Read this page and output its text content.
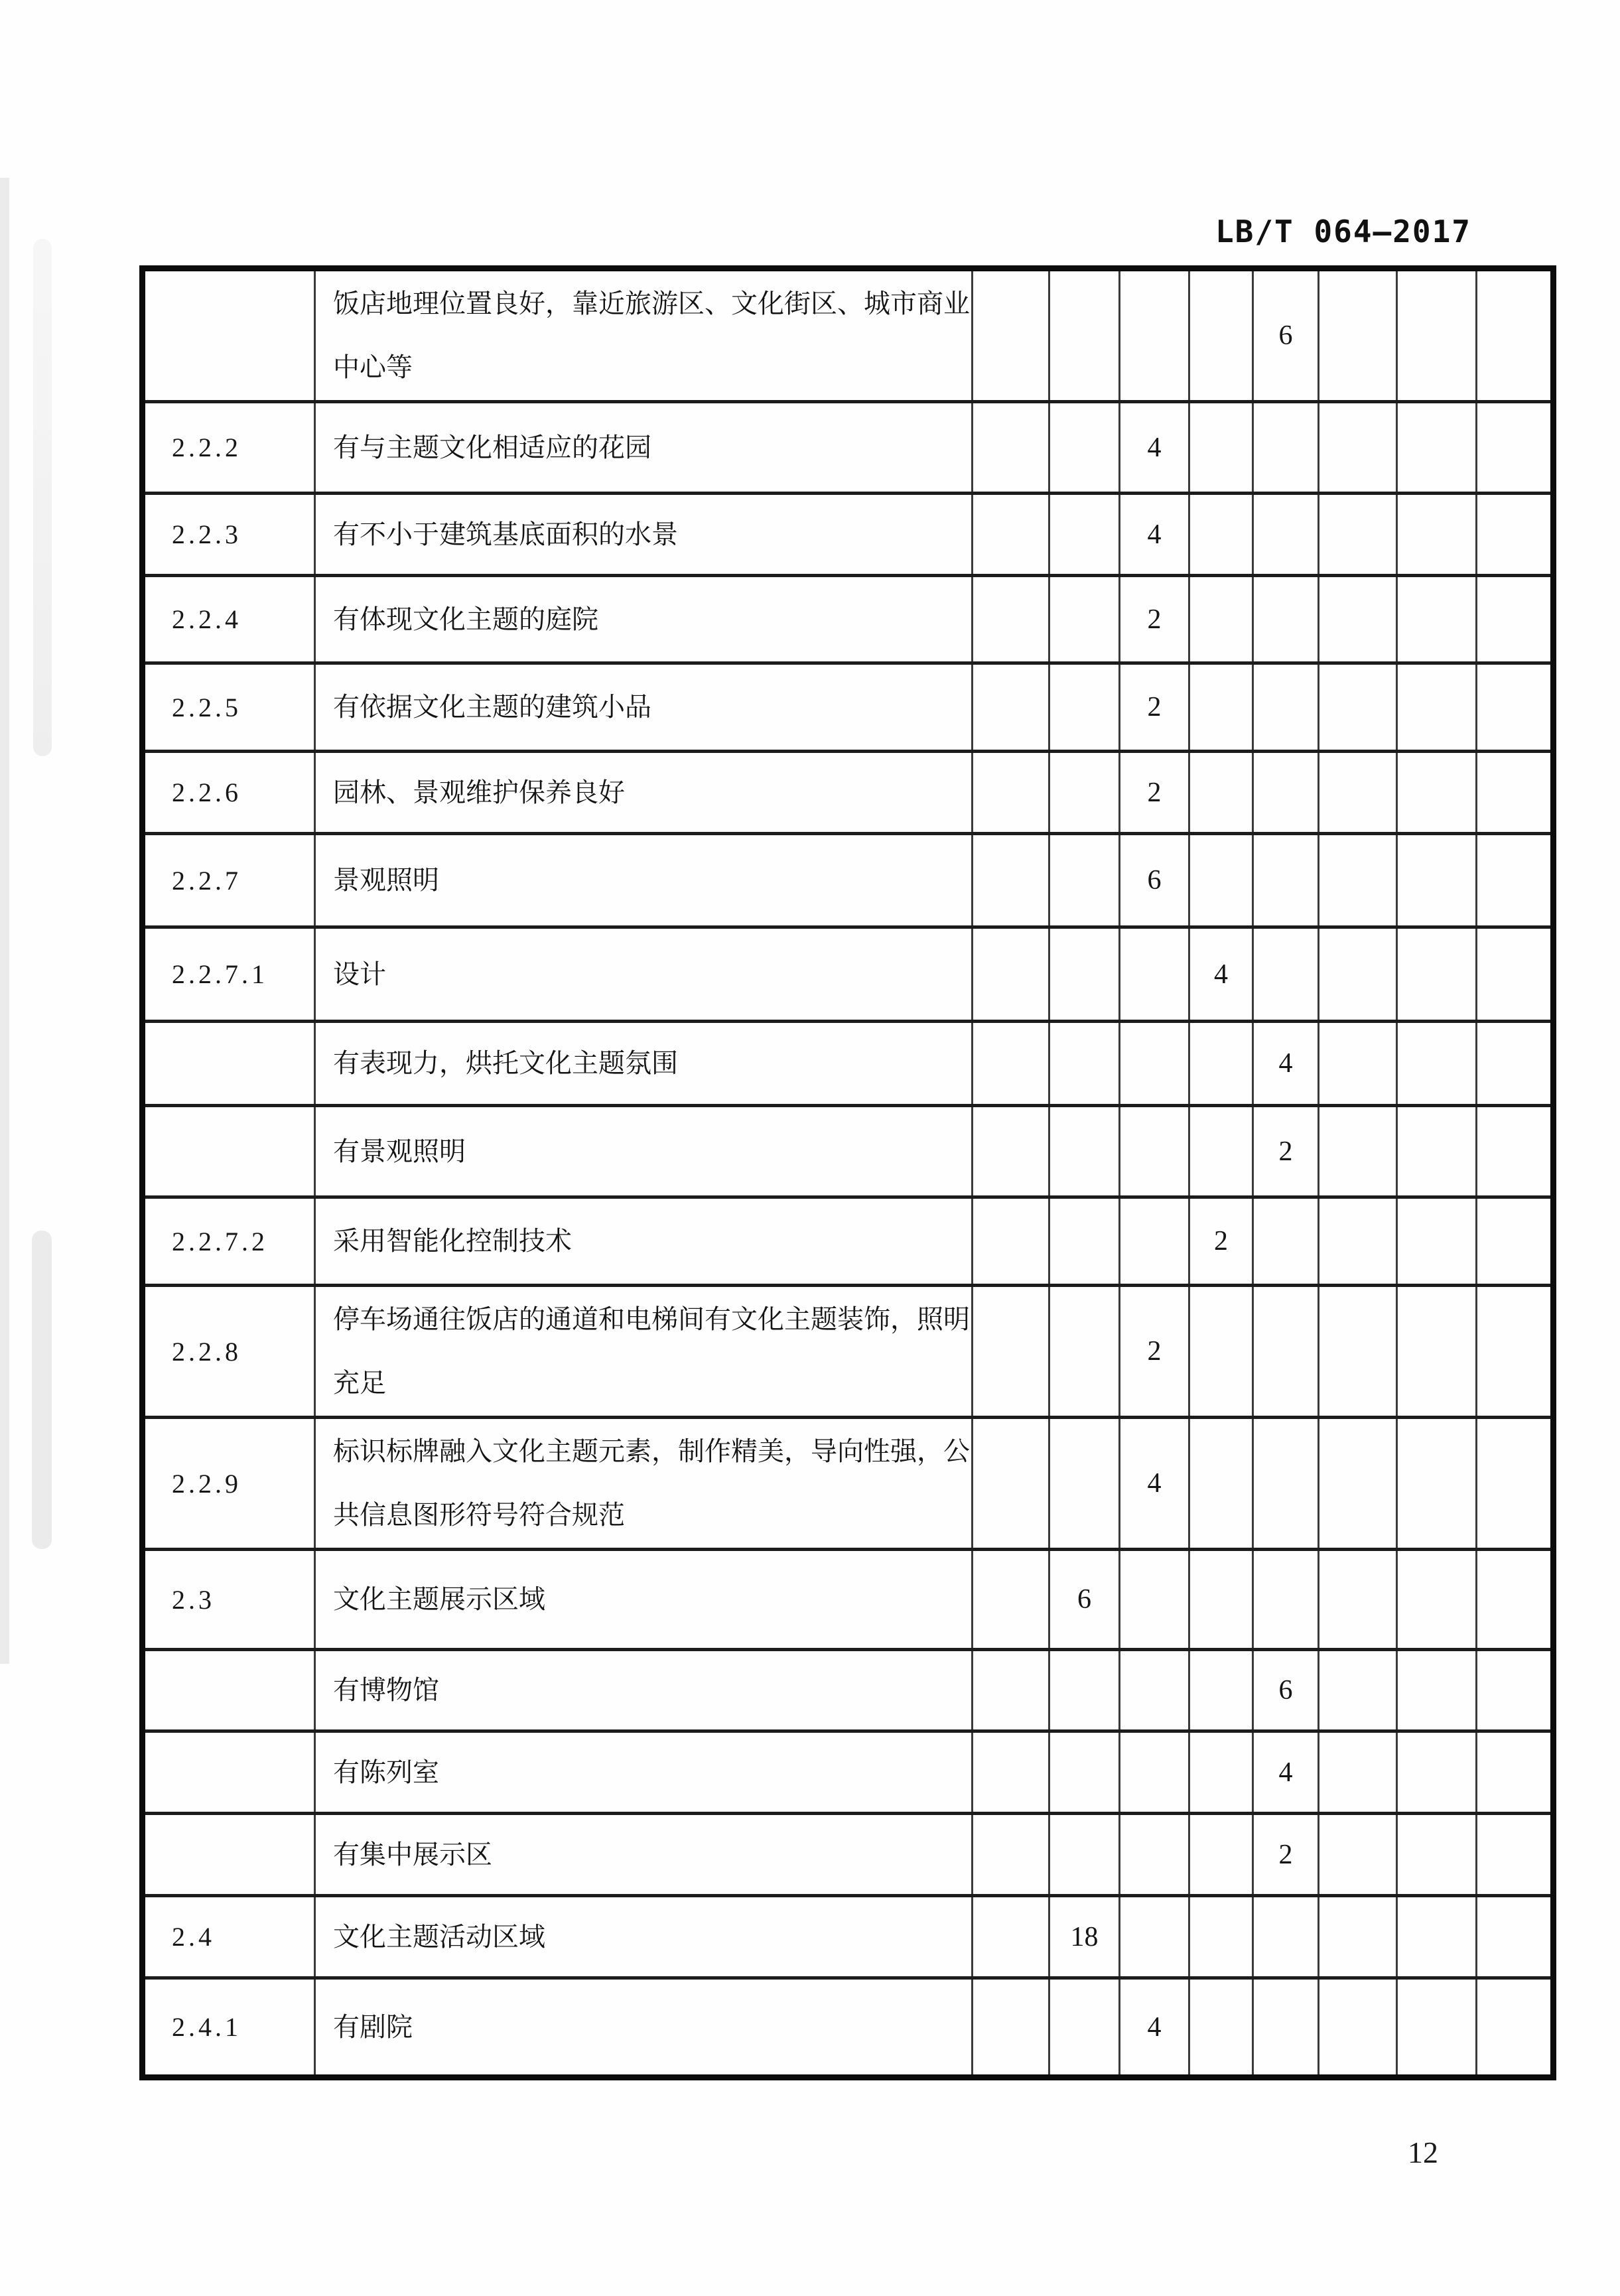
LB/T 064—2017
	饭店地理位置良好，靠近旅游区、文化街区、城市商业中心等					6			
2.2.2	有与主题文化相适应的花园			4					
2.2.3	有不小于建筑基底面积的水景			4					
2.2.4	有体现文化主题的庭院			2					
2.2.5	有依据文化主题的建筑小品			2					
2.2.6	园林、景观维护保养良好			2					
2.2.7	景观照明			6					
2.2.7.1	设计				4				
	有表现力，烘托文化主题氛围					4			
	有景观照明					2			
2.2.7.2	采用智能化控制技术				2				
2.2.8	停车场通往饭店的通道和电梯间有文化主题装饰，照明充足			2					
2.2.9	标识标牌融入文化主题元素，制作精美，导向性强，公共信息图形符号符合规范			4					
2.3	文化主题展示区域		6						
	有博物馆					6			
	有陈列室					4			
	有集中展示区					2			
2.4	文化主题活动区域		18						
2.4.1	有剧院			4					
12
